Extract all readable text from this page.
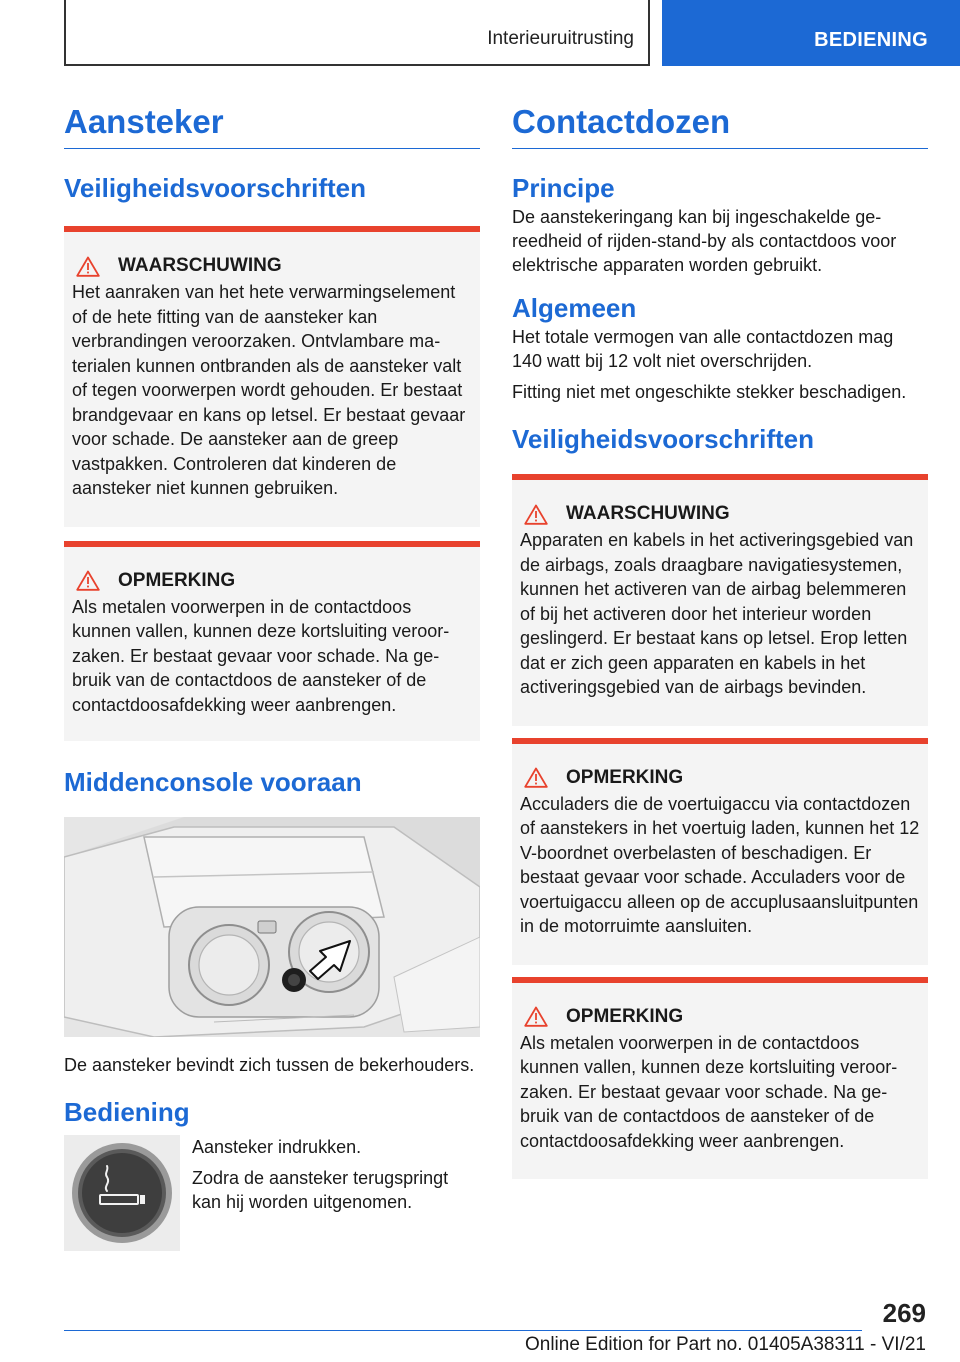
Interieuruitrusting	BEDIENING
Aansteker
Veiligheidsvoorschriften
WAARSCHUWING
Het aanraken van het hete verwarmingselement of de hete fitting van de aansteker kan verbrandingen veroorzaken. Ontvlambare materialen kunnen ontbranden als de aansteker valt of tegen voorwerpen wordt gehouden. Er bestaat brandgevaar en kans op letsel. Er bestaat gevaar voor schade. De aansteker aan de greep vastpakken. Controleren dat kinderen de aansteker niet kunnen gebruiken.
OPMERKING
Als metalen voorwerpen in de contactdoos kunnen vallen, kunnen deze kortsluiting veroorzaken. Er bestaat gevaar voor schade. Na gebruik van de contactdoos de aansteker of de contactdoosafdekking weer aanbrengen.
Middenconsole vooraan
De aansteker bevindt zich tussen de bekerhouders.
Bediening
Aansteker indrukken.
Zodra de aansteker terugspringt kan hij worden uitgenomen.
Contactdozen
Principe
De aanstekeringang kan bij ingeschakelde gereedheid of rijden-stand-by als contactdoos voor elektrische apparaten worden gebruikt.
Algemeen
Het totale vermogen van alle contactdozen mag 140 watt bij 12 volt niet overschrijden.
Fitting niet met ongeschikte stekker beschadigen.
Veiligheidsvoorschriften
WAARSCHUWING
Apparaten en kabels in het activeringsgebied van de airbags, zoals draagbare navigatiesystemen, kunnen het activeren van de airbag belemmeren of bij het activeren door het interieur worden geslingerd. Er bestaat kans op letsel. Erop letten dat er zich geen apparaten en kabels in het activeringsgebied van de airbags bevinden.
OPMERKING
Acculaders die de voertuigaccu via contactdozen of aanstekers in het voertuig laden, kunnen het 12 V-boordnet overbelasten of beschadigen. Er bestaat gevaar voor schade. Acculaders voor de voertuigaccu alleen op de accuplusaansluitpunten in de motorruimte aansluiten.
OPMERKING
Als metalen voorwerpen in de contactdoos kunnen vallen, kunnen deze kortsluiting veroorzaken. Er bestaat gevaar voor schade. Na gebruik van de contactdoos de aansteker of de contactdoosafdekking weer aanbrengen.
269
Online Edition for Part no. 01405A38311 - VI/21
